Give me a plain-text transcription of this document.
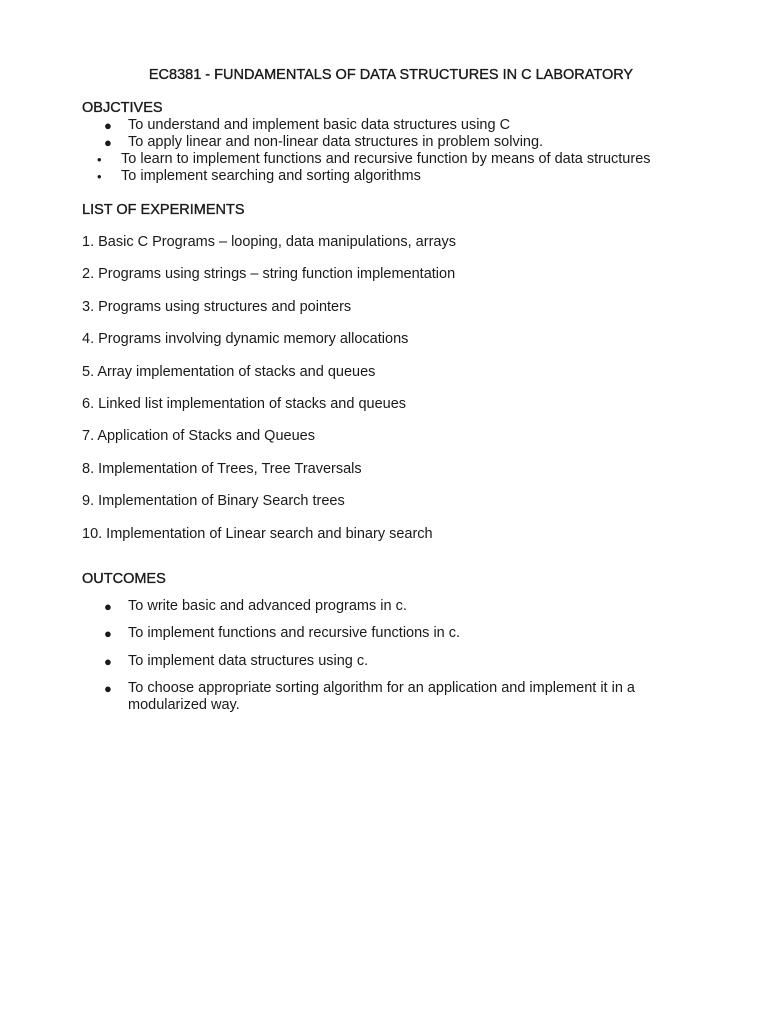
EC8381 - FUNDAMENTALS OF DATA STRUCTURES IN C LABORATORY
OBJCTIVES
● To understand and implement basic data structures using C
● To apply linear and non-linear data structures in problem solving.
• To learn to implement functions and recursive function by means of data structures
• To implement searching and sorting algorithms
LIST OF EXPERIMENTS
1. Basic C Programs – looping, data manipulations, arrays
2. Programs using strings – string function implementation
3. Programs using structures and pointers
4. Programs involving dynamic memory allocations
5. Array implementation of stacks and queues
6. Linked list implementation of stacks and queues
7. Application of Stacks and Queues
8. Implementation of Trees, Tree Traversals
9. Implementation of Binary Search trees
10. Implementation of Linear search and binary search
OUTCOMES
● To write basic and advanced programs in c.
● To implement functions and recursive functions in c.
● To implement data structures using c.
● To choose appropriate sorting algorithm for an application and implement it in a modularized way.
